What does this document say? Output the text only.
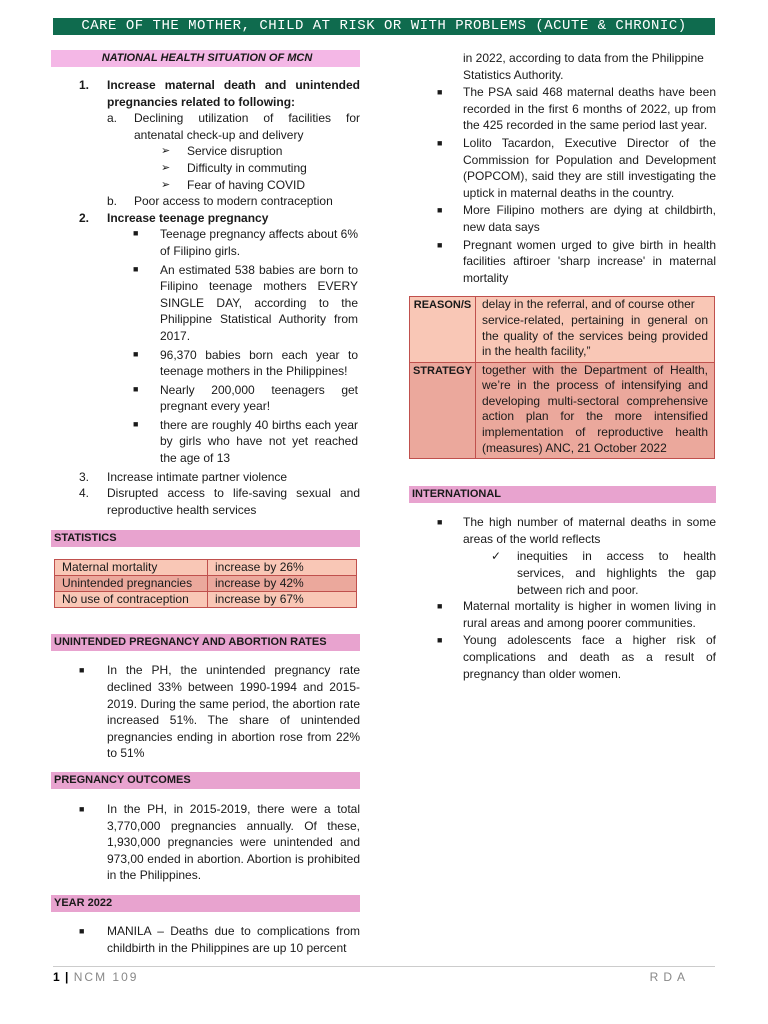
CARE OF THE MOTHER, CHILD AT RISK OR WITH PROBLEMS (ACUTE & CHRONIC)
NATIONAL HEALTH SITUATION OF MCN

1. Increase maternal death and unintended pregnancies related to following:

a. Declining utilization of facilities for antenatal check-up and delivery

➢ Service disruption

➢ Difficulty in commuting

➢ Fear of having COVID

b. Poor access to modern contraception

2. Increase teenage pregnancy

■ Teenage pregnancy affects about 6% of Filipino girls.

■ An estimated 538 babies are born to Filipino teenage mothers EVERY SINGLE DAY, according to the Philippine Statistical Authority from 2017.

■ 96,370 babies born each year to teenage mothers in the Philippines!

■ Nearly 200,000 teenagers get pregnant every year!

■ there are roughly 40 births each year by girls who have not yet reached the age of 13

3. Increase intimate partner violence

4. Disrupted access to life-saving sexual and reproductive health services

STATISTICS
Maternal mortality	increase by 26%
Unintended pregnancies	increase by 42%
No use of contraception	increase by 67%
UNINTENDED PREGNANCY AND ABORTION RATES

■ In the PH, the unintended pregnancy rate declined 33% between 1990-1994 and 2015-2019. During the same period, the abortion rate increased 51%. The share of unintended pregnancies ending in abortion rose from 22% to 51%

PREGNANCY OUTCOMES

■ In the PH, in 2015-2019, there were a total 3,770,000 pregnancies annually. Of these, 1,930,000 pregnancies were unintended and 973,00 ended in abortion. Abortion is prohibited in the Philippines.

YEAR 2022

■ MANILA – Deaths due to complications from childbirth in the Philippines are up 10 percent

in 2022, according to data from the Philippine Statistics Authority.

■ The PSA said 468 maternal deaths have been recorded in the first 6 months of 2022, up from the 425 recorded in the same period last year.

■ Lolito Tacardon, Executive Director of the Commission for Population and Development (POPCOM), said they are still investigating the uptick in maternal deaths in the country.

■ More Filipino mothers are dying at childbirth, new data says

■ Pregnant women urged to give birth in health facilities aftiroer 'sharp increase' in maternal mortality

REASON/S	delay in the referral, and of course other
service-related, pertaining in general on the quality of the services being provided in the health facility,”

STRATEGY	together with the Department of Health, we’re in the process of intensifying and developing multi-sectoral comprehensive action plan for the more intensified implementation of reproductive health (measures) ANC, 21 October 2022
INTERNATIONAL

■ The high number of maternal deaths in some areas of the world reflects

✓ inequities in access to health services, and highlights the gap between rich and poor.

■ Maternal mortality is higher in women living in rural areas and among poorer communities.

■ Young adolescents face a higher risk of complications and death as a result of pregnancy than older women.

1 | NCM 109	RDA
